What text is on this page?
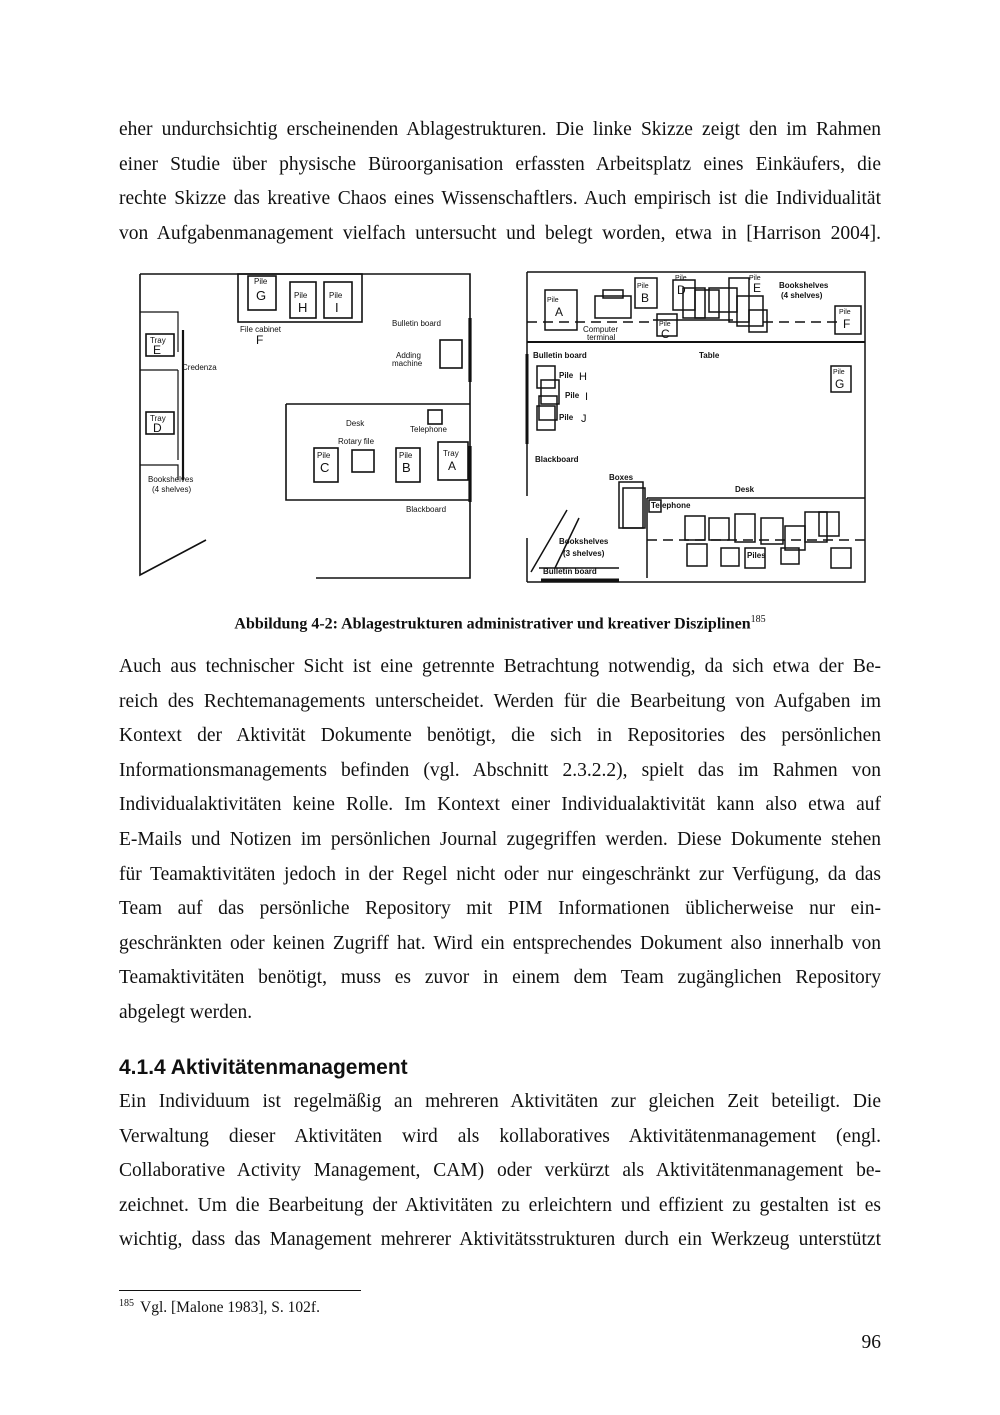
eher undurchsichtig erscheinenden Ablagestrukturen. Die linke Skizze zeigt den im Rahmen
einer Studie über physische Büroorganisation erfassten Arbeitsplatz eines Einkäufers, die
rechte Skizze das kreative Chaos eines Wissenschaftlers. Auch empirisch ist die Individualität
von Aufgabenmanagement vielfach untersucht und belegt worden, etwa in [Harrison 2004].
Pile
G	Pile
H
Pile
I
File cabinet
F
Bulletin board
Adding
machine
Tray
E
Credenza
Tray
D
Bookshelves
(4 shelves)
Desk
Telephone
Rotary file
Pile
C
Pile
B
Tray
A
Blackboard
Pile
A
Computer
terminal
Pile
B
Pile
C
Pile
D
Pile
E Bookshelves
(4 shelves)
Pile
F
Bulletin board	Table
Pile
G
Pile H
Pile I
Pile J
Blackboard
Boxes
Desk
Telephone
Bookshelves
(3 shelves)	Piles
Bulletin board

Abbildung 4-2: Ablagestrukturen administrativer und kreativer Disziplinen$^{185}$

Auch aus technischer Sicht ist eine getrennte Betrachtung notwendig, da sich etwa der Be-
reich des Rechtemanagements unterscheidet. Werden für die Bearbeitung von Aufgaben im
Kontext der Aktivität Dokumente benötigt, die sich in Repositories des persönlichen
Informationsmanagements befinden (vgl. Abschnitt 2.3.2.2), spielt das im Rahmen von
Individualaktivitäten keine Rolle. Im Kontext einer Individualaktivität kann also etwa auf
E-Mails und Notizen im persönlichen Journal zugegriffen werden. Diese Dokumente stehen
für Teamaktivitäten jedoch in der Regel nicht oder nur eingeschränkt zur Verfügung, da das
Team auf das persönliche Repository mit PIM Informationen üblicherweise nur ein-
geschränkten oder keinen Zugriff hat. Wird ein entsprechendes Dokument also innerhalb von
Teamaktivitäten benötigt, muss es zuvor in einem dem Team zugänglichen Repository
abgelegt werden.
4.1.4 Aktivitätenmanagement
Ein Individuum ist regelmäßig an mehreren Aktivitäten zur gleichen Zeit beteiligt. Die
Verwaltung dieser Aktivitäten wird als kollaboratives Aktivitätenmanagement (engl.
Collaborative Activity Management, CAM) oder verkürzt als Aktivitätenmanagement be-
zeichnet. Um die Bearbeitung der Aktivitäten zu erleichtern und effizient zu gestalten ist es
wichtig, dass das Management mehrerer Aktivitätsstrukturen durch ein Werkzeug unterstützt

$^{185}$ Vgl. [Malone 1983], S. 102f.

96
